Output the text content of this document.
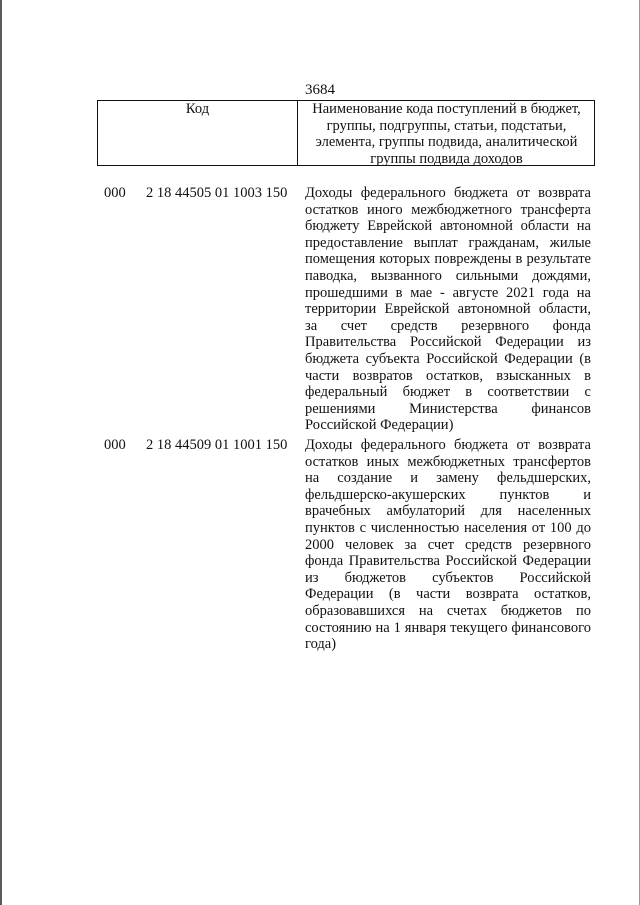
3684
Код	Наименование кода поступлений в бюджет, группы, подгруппы, статьи, подстатьи, элемента, группы подвида, аналитической группы подвида доходов
000 2 18 44505 01 1003 150 Доходы федерального бюджета от возврата остатков иного межбюджетного трансферта бюджету Еврейской автономной области на предоставление выплат гражданам, жилые помещения которых повреждены в результате паводка, вызванного сильными дождями, прошедшими в мае - августе 2021 года на территории Еврейской автономной области, за счет средств резервного фонда Правительства Российской Федерации из бюджета субъекта Российской Федерации (в части возвратов остатков, взысканных в федеральный бюджет в соответствии с решениями Министерства финансов Российской Федерации)
000 2 18 44509 01 1001 150 Доходы федерального бюджета от возврата остатков иных межбюджетных трансфертов на создание и замену фельдшерских, фельдшерско-акушерских пунктов и врачебных амбулаторий для населенных пунктов с численностью населения от 100 до 2000 человек за счет средств резервного фонда Правительства Российской Федерации из бюджетов субъектов Российской Федерации (в части возврата остатков, образовавшихся на счетах бюджетов по состоянию на 1 января текущего финансового года)
